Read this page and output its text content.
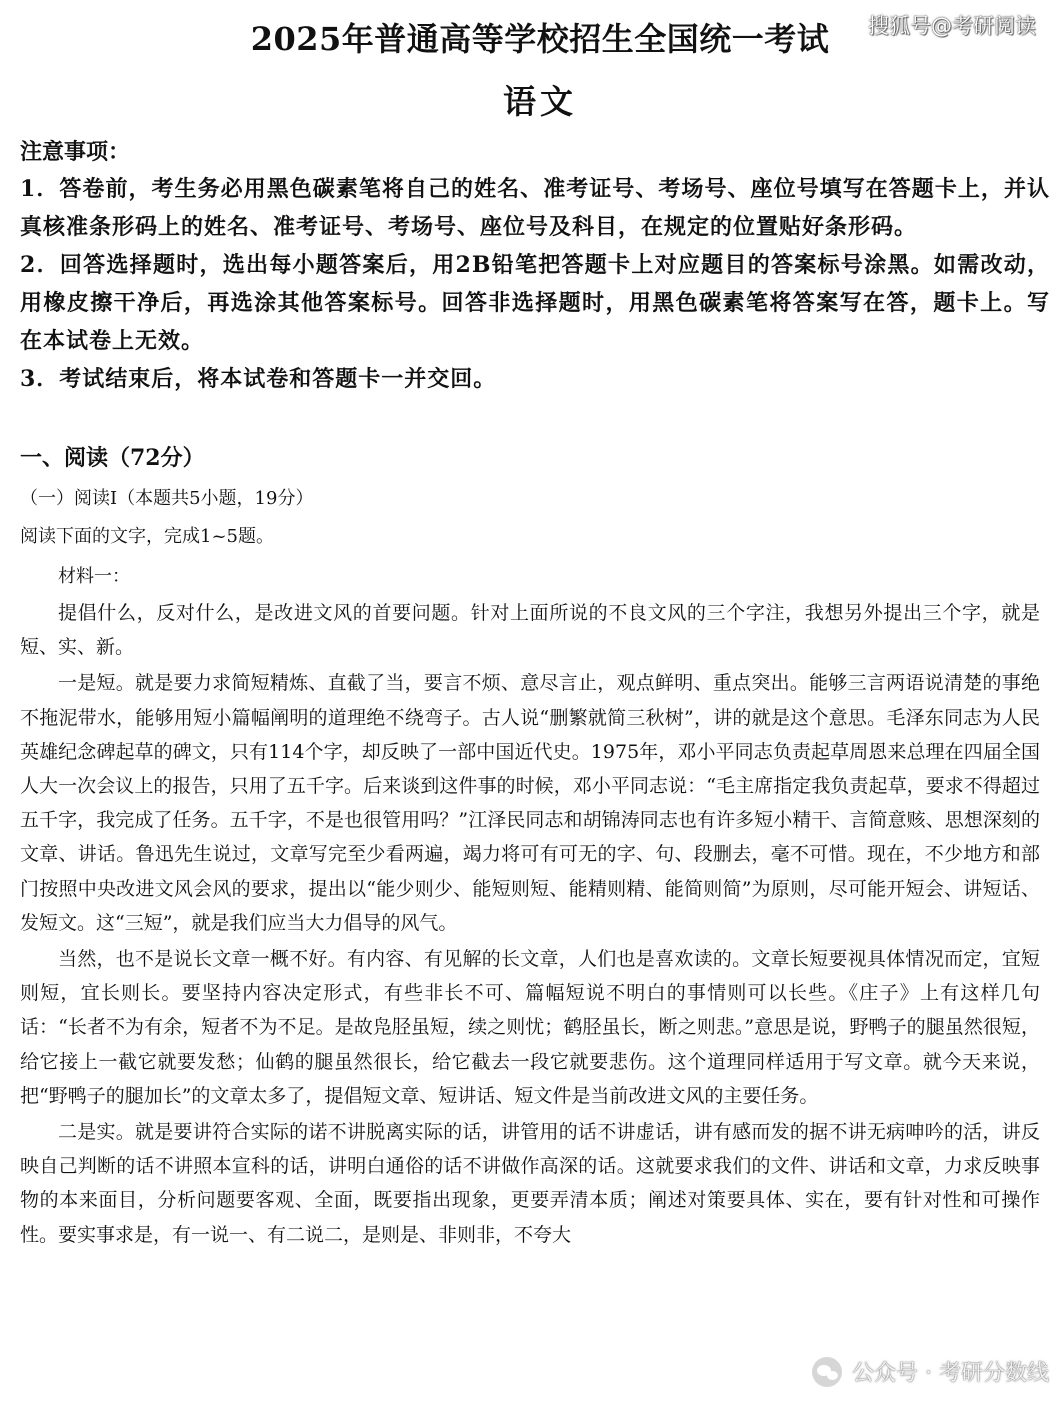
2025年普通高等学校招生全国统一考试	搜狐号@考研阅读
语文
注意事项：
1．答卷前，考生务必用黑色碳素笔将自己的姓名、准考证号、考场号、座位号填写在答题卡上，并认真核准条形码上的姓名、准考证号、考场号、座位号及科目，在规定的位置贴好条形码。
2．回答选择题时，选出每小题答案后，用2B铅笔把答题卡上对应题目的答案标号涂黑。如需改动，用橡皮擦干净后，再选涂其他答案标号。回答非选择题时，用黑色碳素笔将答案写在答，题卡上。写在本试卷上无效。
3．考试结束后，将本试卷和答题卡一并交回。
一、阅读（72分）
（一）阅读Ⅰ（本题共5小题，19分）
阅读下面的文字，完成1~5题。
材料一：

提倡什么，反对什么，是改进文风的首要问题。针对上面所说的不良文风的三个字注，我想另外提出三个字，就是短、实、新。

一是短。就是要力求简短精炼、直截了当，要言不烦、意尽言止，观点鲜明、重点突出。能够三言两语说清楚的事绝不拖泥带水，能够用短小篇幅阐明的道理绝不绕弯子。古人说“删繁就简三秋树”，讲的就是这个意思。毛泽东同志为人民英雄纪念碑起草的碑文，只有114个字，却反映了一部中国近代史。1975年，邓小平同志负责起草周恩来总理在四届全国人大一次会议上的报告，只用了五千字。后来谈到这件事的时候，邓小平同志说：“毛主席指定我负责起草，要求不得超过五千字，我完成了任务。五千字，不是也很管用吗？”江泽民同志和胡锦涛同志也有许多短小精干、言简意赅、思想深刻的文章、讲话。鲁迅先生说过，文章写完至少看两遍，竭力将可有可无的字、句、段删去，毫不可惜。现在，不少地方和部门按照中央改进文风会风的要求，提出以“能少则少、能短则短、能精则精、能简则简”为原则，尽可能开短会、讲短话、发短文。这“三短”，就是我们应当大力倡导的风气。

当然，也不是说长文章一概不好。有内容、有见解的长文章，人们也是喜欢读的。文章长短要视具体情况而定，宜短则短，宜长则长。要坚持内容决定形式，有些非长不可、篇幅短说不明白的事情则可以长些。《庄子》上有这样几句话：“长者不为有余，短者不为不足。是故凫胫虽短，续之则忧；鹤胫虽长，断之则悲。”意思是说，野鸭子的腿虽然很短，给它接上一截它就要发愁；仙鹤的腿虽然很长，给它截去一段它就要悲伤。这个道理同样适用于写文章。就今天来说，把“野鸭子的腿加长”的文章太多了，提倡短文章、短讲话、短文件是当前改进文风的主要任务。

二是实。就是要讲符合实际的诺不讲脱离实际的话，讲管用的话不讲虚话，讲有感而发的据不讲无病呻吟的活，讲反映自己判断的话不讲照本宣科的话，讲明白通俗的话不讲做作高深的话。这就要求我们的文件、讲话和文章，力求反映事物的本来面目，分析问题要客观、全面，既要指出现象，更要弄清本质；阐述对策要具体、实在，要有针对性和可操作性。要实事求是，有一说一、有二说二，是则是、非则非，不夸大

公众号 · 考研分数线
